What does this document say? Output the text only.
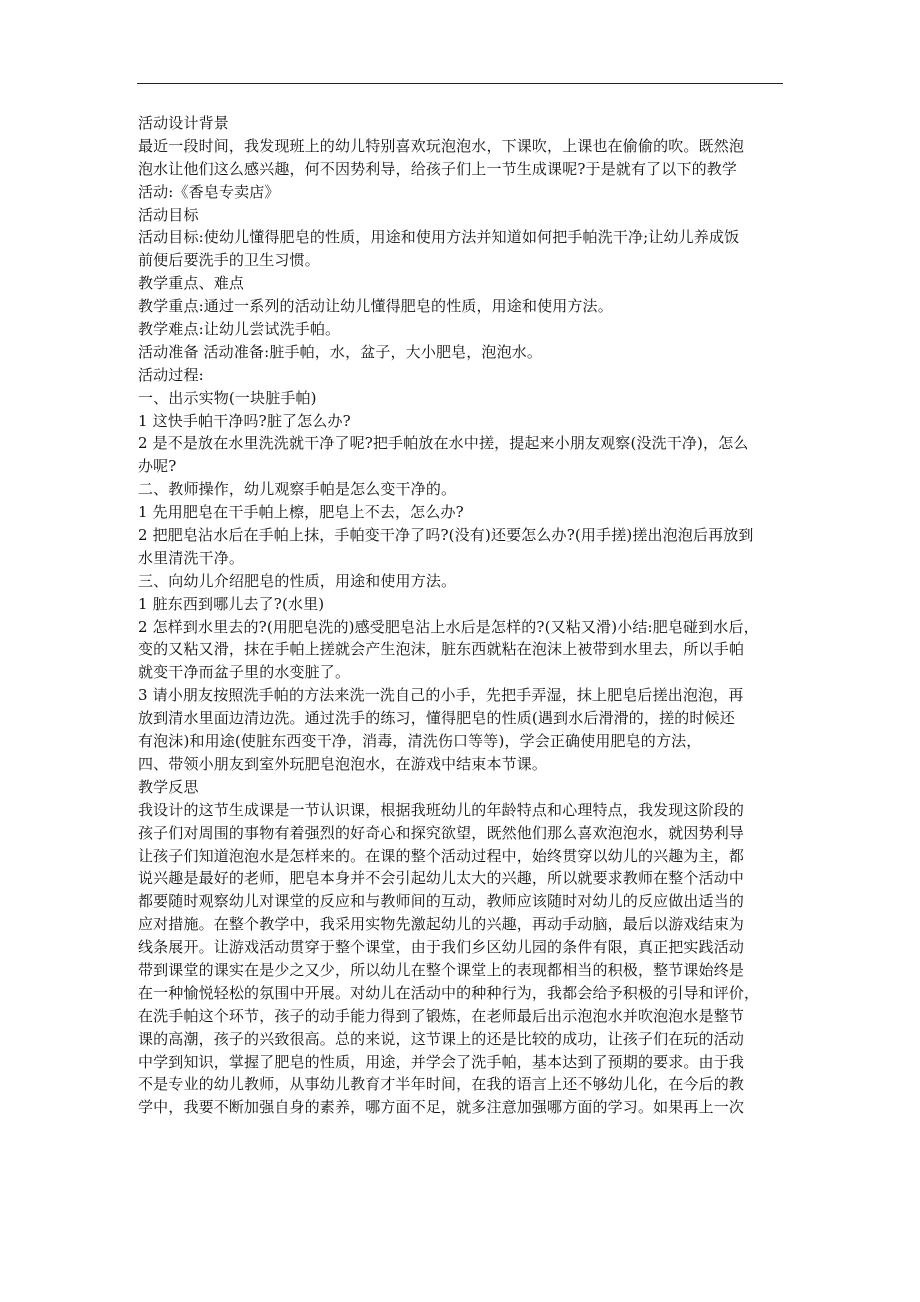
活动设计背景

最近一段时间，我发现班上的幼儿特别喜欢玩泡泡水，下课吹，上课也在偷偷的吹。既然泡

泡水让他们这么感兴趣，何不因势利导，给孩子们上一节生成课呢?于是就有了以下的教学

活动:《香皂专卖店》

活动目标

活动目标:使幼儿懂得肥皂的性质，用途和使用方法并知道如何把手帕洗干净;让幼儿养成饭

前便后要洗手的卫生习惯。

教学重点、难点

教学重点:通过一系列的活动让幼儿懂得肥皂的性质，用途和使用方法。

教学难点:让幼儿尝试洗手帕。

活动准备 活动准备:脏手帕，水，盆子，大小肥皂，泡泡水。

活动过程:

一、出示实物(一块脏手帕)

1 这快手帕干净吗?脏了怎么办?

2 是不是放在水里洗洗就干净了呢?把手帕放在水中搓，提起来小朋友观察(没洗干净)，怎么

办呢?

二、教师操作，幼儿观察手帕是怎么变干净的。

1 先用肥皂在干手帕上檫，肥皂上不去，怎么办?

2 把肥皂沾水后在手帕上抹，手帕变干净了吗?(没有)还要怎么办?(用手搓)搓出泡泡后再放到

水里清洗干净。

三、向幼儿介绍肥皂的性质，用途和使用方法。

1 脏东西到哪儿去了?(水里)

2 怎样到水里去的?(用肥皂洗的)感受肥皂沾上水后是怎样的?(又粘又滑)小结:肥皂碰到水后，

变的又粘又滑，抹在手帕上搓就会产生泡沫，脏东西就粘在泡沫上被带到水里去，所以手帕

就变干净而盆子里的水变脏了。

3 请小朋友按照洗手帕的方法来洗一洗自己的小手，先把手弄湿，抹上肥皂后搓出泡泡，再

放到清水里面边清边洗。通过洗手的练习，懂得肥皂的性质(遇到水后滑滑的，搓的时候还

有泡沫)和用途(使脏东西变干净，消毒，清洗伤口等等)，学会正确使用肥皂的方法，

四、带领小朋友到室外玩肥皂泡泡水，在游戏中结束本节课。

教学反思

我设计的这节生成课是一节认识课，根据我班幼儿的年龄特点和心理特点，我发现这阶段的

孩子们对周围的事物有着强烈的好奇心和探究欲望，既然他们那么喜欢泡泡水，就因势利导

让孩子们知道泡泡水是怎样来的。在课的整个活动过程中，始终贯穿以幼儿的兴趣为主，都

说兴趣是最好的老师，肥皂本身并不会引起幼儿太大的兴趣，所以就要求教师在整个活动中

都要随时观察幼儿对课堂的反应和与教师间的互动，教师应该随时对幼儿的反应做出适当的

应对措施。在整个教学中，我采用实物先激起幼儿的兴趣，再动手动脑，最后以游戏结束为

线条展开。让游戏活动贯穿于整个课堂，由于我们乡区幼儿园的条件有限，真正把实践活动

带到课堂的课实在是少之又少，所以幼儿在整个课堂上的表现都相当的积极，整节课始终是

在一种愉悦轻松的氛围中开展。对幼儿在活动中的种种行为，我都会给予积极的引导和评价，

在洗手帕这个环节，孩子的动手能力得到了锻炼，在老师最后出示泡泡水并吹泡泡水是整节

课的高潮，孩子的兴致很高。总的来说，这节课上的还是比较的成功，让孩子们在玩的活动

中学到知识，掌握了肥皂的性质，用途，并学会了洗手帕，基本达到了预期的要求。由于我

不是专业的幼儿教师，从事幼儿教育才半年时间，在我的语言上还不够幼儿化，在今后的教

学中，我要不断加强自身的素养，哪方面不足，就多注意加强哪方面的学习。如果再上一次
